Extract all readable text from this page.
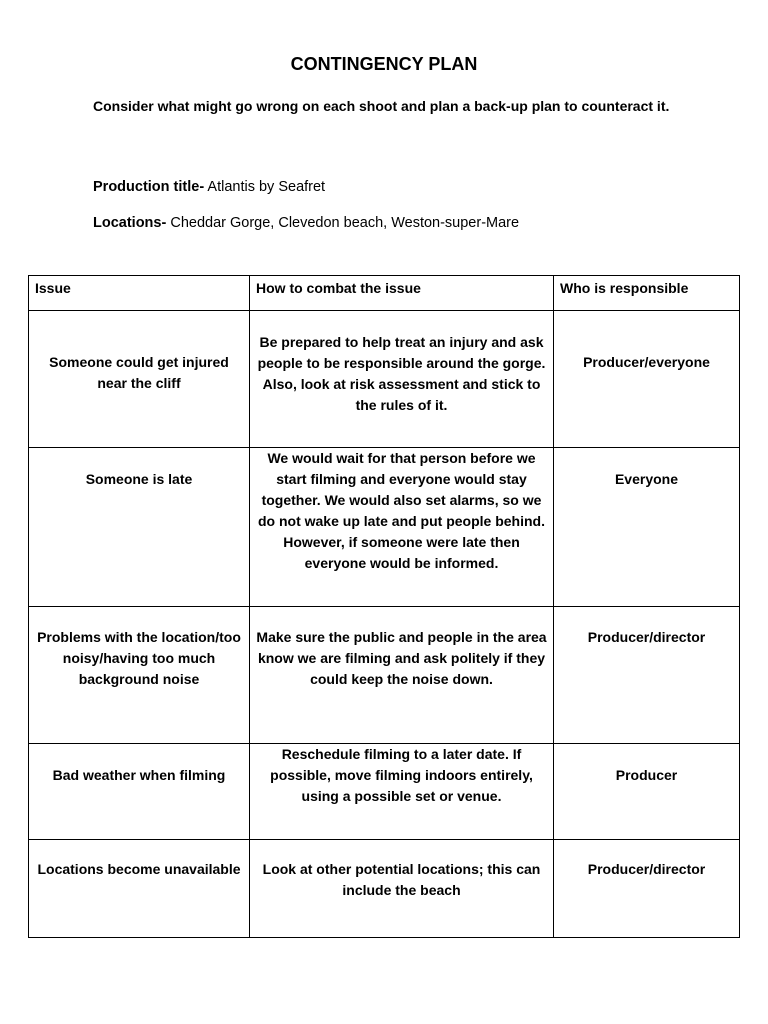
CONTINGENCY PLAN
Consider what might go wrong on each shoot and plan a back-up plan to counteract it.
Production title- Atlantis by Seafret
Locations- Cheddar Gorge, Clevedon beach, Weston-super-Mare
Issue	How to combat the issue	Who is responsible
Someone could get injured near the cliff	Be prepared to help treat an injury and ask people to be responsible around the gorge. Also, look at risk assessment and stick to the rules of it.	Producer/everyone
Someone is late	We would wait for that person before we start filming and everyone would stay together. We would also set alarms, so we do not wake up late and put people behind. However, if someone were late then everyone would be informed.	Everyone
Problems with the location/too noisy/having too much background noise	Make sure the public and people in the area know we are filming and ask politely if they could keep the noise down.	Producer/director
Bad weather when filming	Reschedule filming to a later date. If possible, move filming indoors entirely, using a possible set or venue.	Producer
Locations become unavailable	Look at other potential locations; this can include the beach	Producer/director
